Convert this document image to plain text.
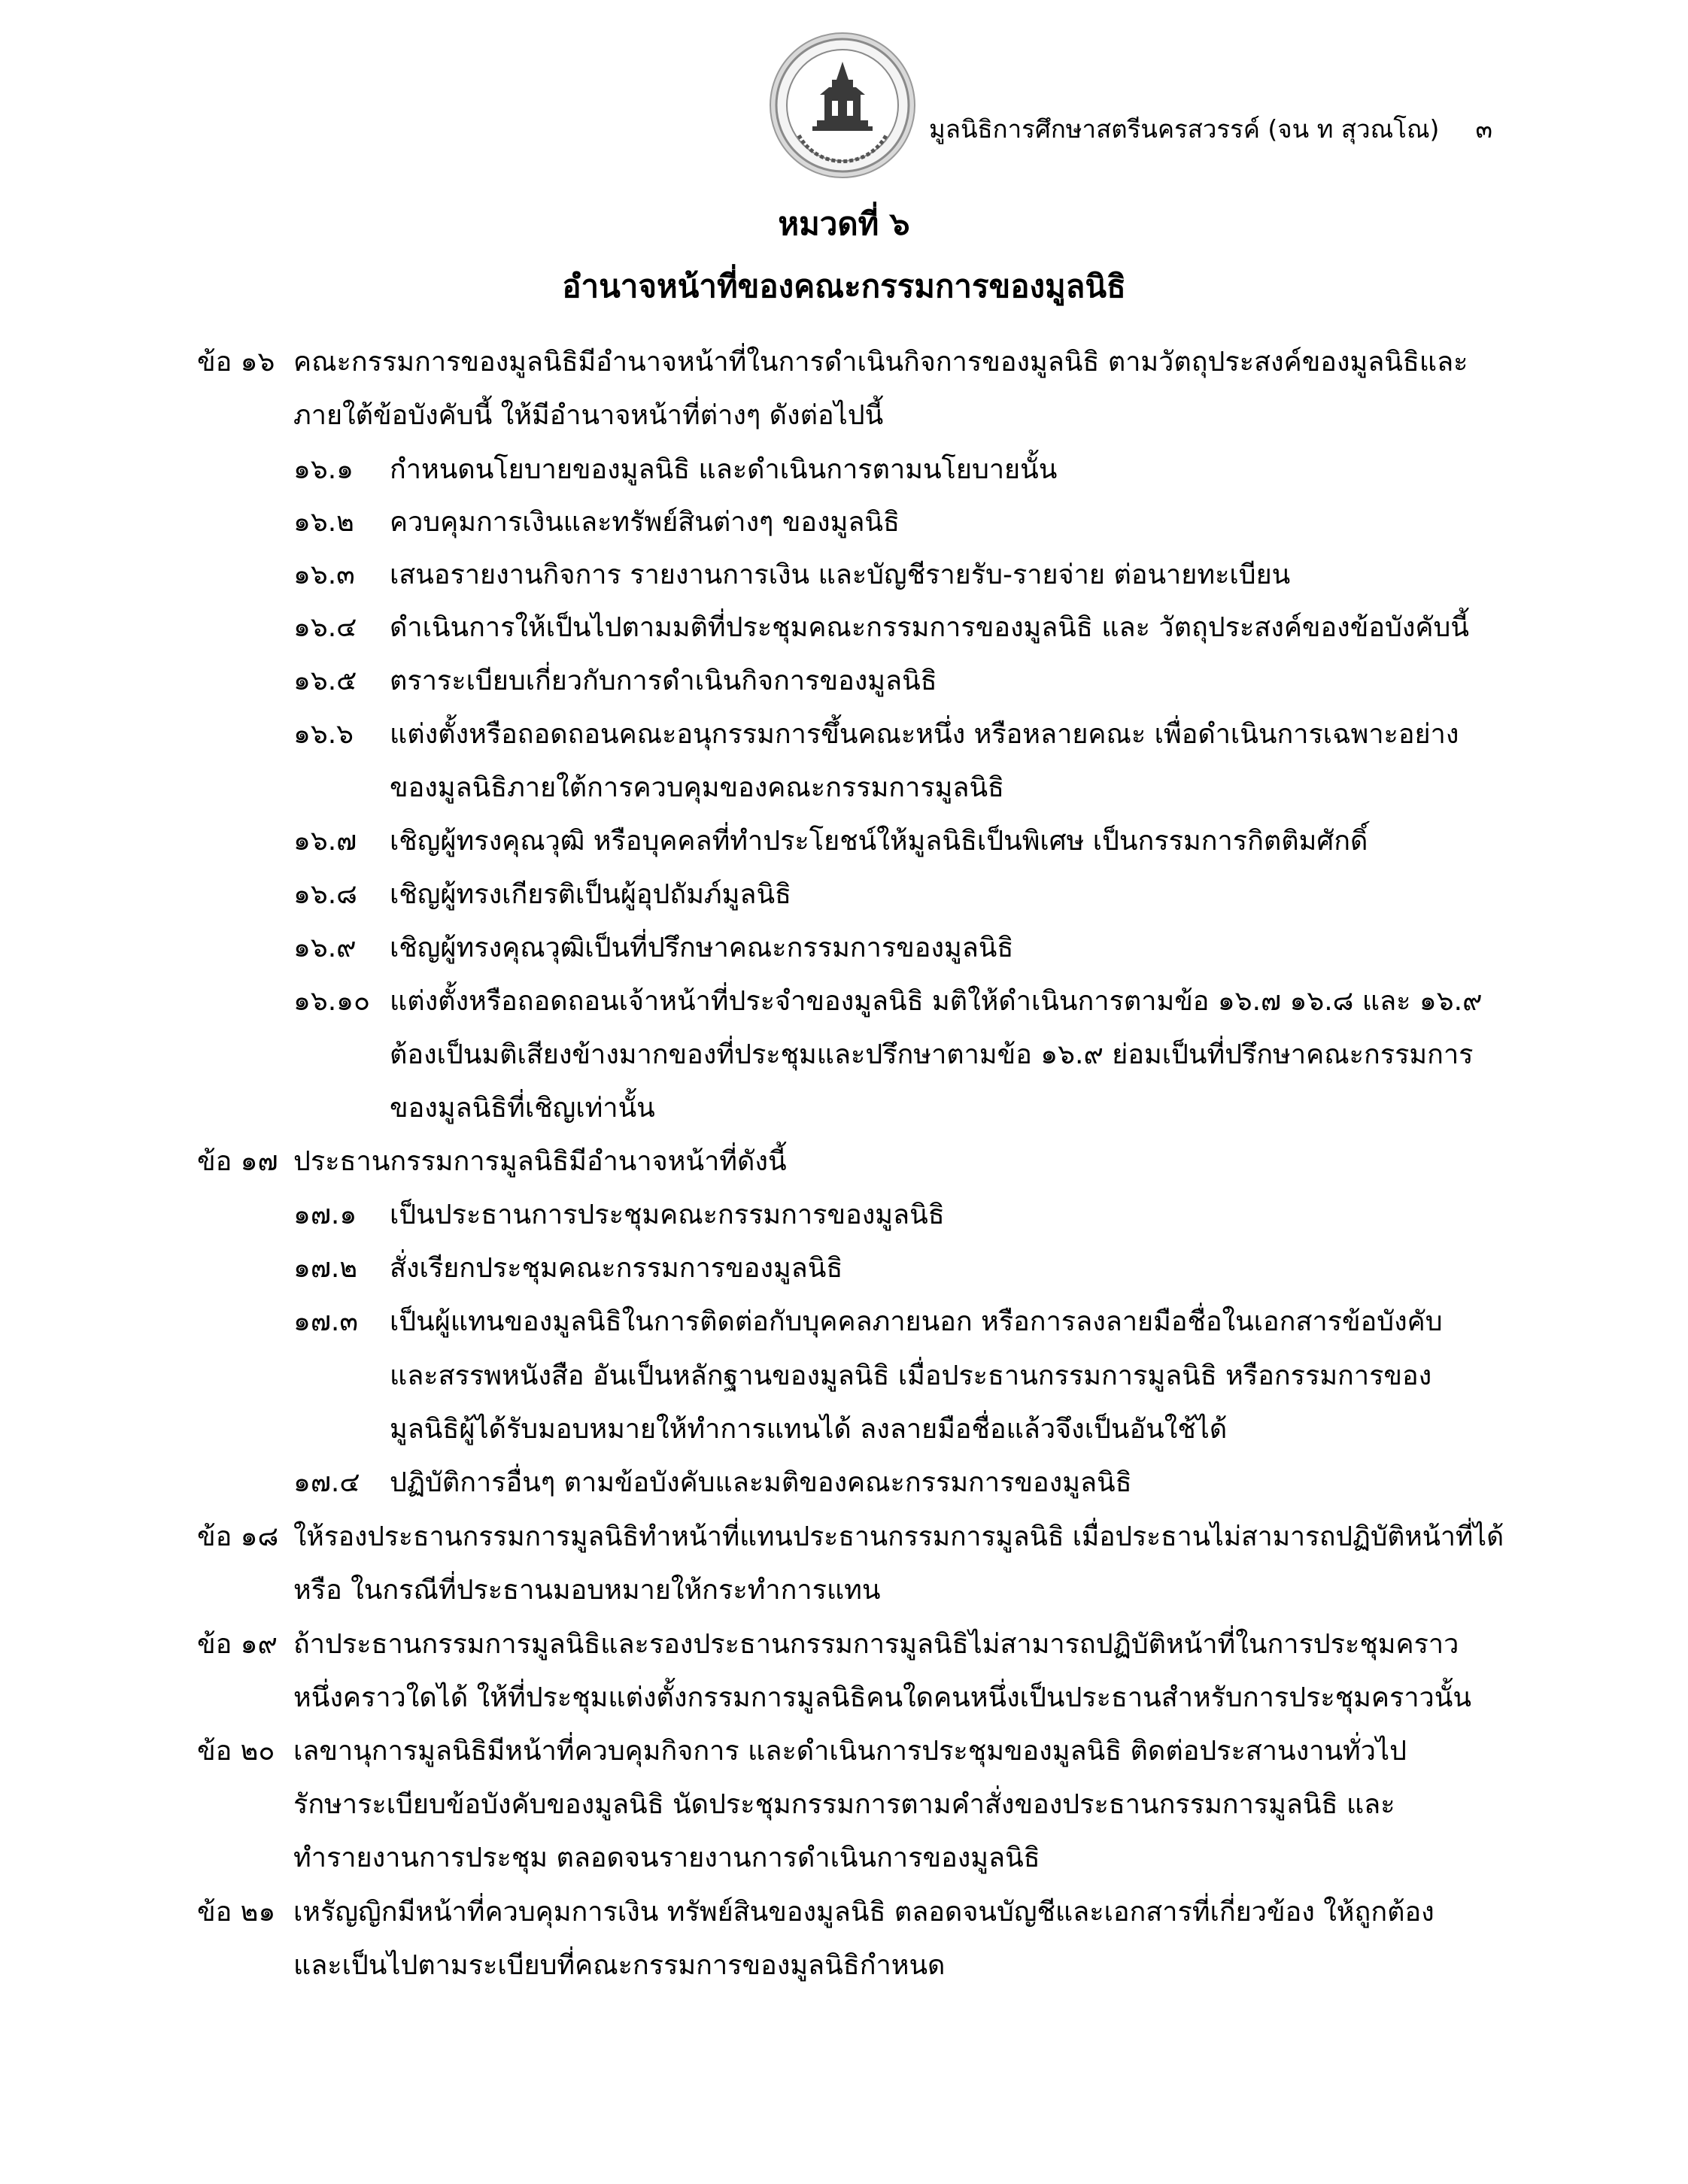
มูลนิธิการศึกษาสตรีนครสวรรค์ (จน ท สุวณโณ) ๓
หมวดที่ ๖
อำนาจหน้าที่ของคณะกรรมการของมูลนิธิ
ข้อ ๑๖ คณะกรรมการของมูลนิธิมีอำนาจหน้าที่ในการดำเนินกิจการของมูลนิธิ ตามวัตถุประสงค์ของมูลนิธิและ
ภายใต้ข้อบังคับนี้ ให้มีอำนาจหน้าที่ต่างๆ ดังต่อไปนี้
๑๖.๑ กำหนดนโยบายของมูลนิธิ และดำเนินการตามนโยบายนั้น
๑๖.๒ ควบคุมการเงินและทรัพย์สินต่างๆ ของมูลนิธิ
๑๖.๓ เสนอรายงานกิจการ รายงานการเงิน และบัญชีรายรับ-รายจ่าย ต่อนายทะเบียน
๑๖.๔ ดำเนินการให้เป็นไปตามมติที่ประชุมคณะกรรมการของมูลนิธิ และ วัตถุประสงค์ของข้อบังคับนี้
๑๖.๕ ตราระเบียบเกี่ยวกับการดำเนินกิจการของมูลนิธิ
๑๖.๖ แต่งตั้งหรือถอดถอนคณะอนุกรรมการขึ้นคณะหนึ่ง หรือหลายคณะ เพื่อดำเนินการเฉพาะอย่าง
ของมูลนิธิภายใต้การควบคุมของคณะกรรมการมูลนิธิ
๑๖.๗ เชิญผู้ทรงคุณวุฒิ หรือบุคคลที่ทำประโยชน์ให้มูลนิธิเป็นพิเศษ เป็นกรรมการกิตติมศักดิ์
๑๖.๘ เชิญผู้ทรงเกียรติเป็นผู้อุปถัมภ์มูลนิธิ
๑๖.๙ เชิญผู้ทรงคุณวุฒิเป็นที่ปรึกษาคณะกรรมการของมูลนิธิ
๑๖.๑๐ แต่งตั้งหรือถอดถอนเจ้าหน้าที่ประจำของมูลนิธิ มติให้ดำเนินการตามข้อ ๑๖.๗ ๑๖.๘ และ ๑๖.๙
ต้องเป็นมติเสียงข้างมากของที่ประชุมและปรึกษาตามข้อ ๑๖.๙ ย่อมเป็นที่ปรึกษาคณะกรรมการ
ของมูลนิธิที่เชิญเท่านั้น
ข้อ ๑๗ ประธานกรรมการมูลนิธิมีอำนาจหน้าที่ดังนี้
๑๗.๑ เป็นประธานการประชุมคณะกรรมการของมูลนิธิ
๑๗.๒ สั่งเรียกประชุมคณะกรรมการของมูลนิธิ
๑๗.๓ เป็นผู้แทนของมูลนิธิในการติดต่อกับบุคคลภายนอก หรือการลงลายมือชื่อในเอกสารข้อบังคับ
และสรรพหนังสือ อันเป็นหลักฐานของมูลนิธิ เมื่อประธานกรรมการมูลนิธิ หรือกรรมการของ
มูลนิธิผู้ได้รับมอบหมายให้ทำการแทนได้ ลงลายมือชื่อแล้วจึงเป็นอันใช้ได้
๑๗.๔ ปฏิบัติการอื่นๆ ตามข้อบังคับและมติของคณะกรรมการของมูลนิธิ
ข้อ ๑๘ ให้รองประธานกรรมการมูลนิธิทำหน้าที่แทนประธานกรรมการมูลนิธิ เมื่อประธานไม่สามารถปฏิบัติหน้าที่ได้
หรือ ในกรณีที่ประธานมอบหมายให้กระทำการแทน
ข้อ ๑๙ ถ้าประธานกรรมการมูลนิธิและรองประธานกรรมการมูลนิธิไม่สามารถปฏิบัติหน้าที่ในการประชุมคราว
หนึ่งคราวใดได้ ให้ที่ประชุมแต่งตั้งกรรมการมูลนิธิคนใดคนหนึ่งเป็นประธานสำหรับการประชุมคราวนั้น
ข้อ ๒๐ เลขานุการมูลนิธิมีหน้าที่ควบคุมกิจการ และดำเนินการประชุมของมูลนิธิ ติดต่อประสานงานทั่วไป
รักษาระเบียบข้อบังคับของมูลนิธิ นัดประชุมกรรมการตามคำสั่งของประธานกรรมการมูลนิธิ และ
ทำรายงานการประชุม ตลอดจนรายงานการดำเนินการของมูลนิธิ
ข้อ ๒๑ เหรัญญิกมีหน้าที่ควบคุมการเงิน ทรัพย์สินของมูลนิธิ ตลอดจนบัญชีและเอกสารที่เกี่ยวข้อง ให้ถูกต้อง
และเป็นไปตามระเบียบที่คณะกรรมการของมูลนิธิกำหนด
